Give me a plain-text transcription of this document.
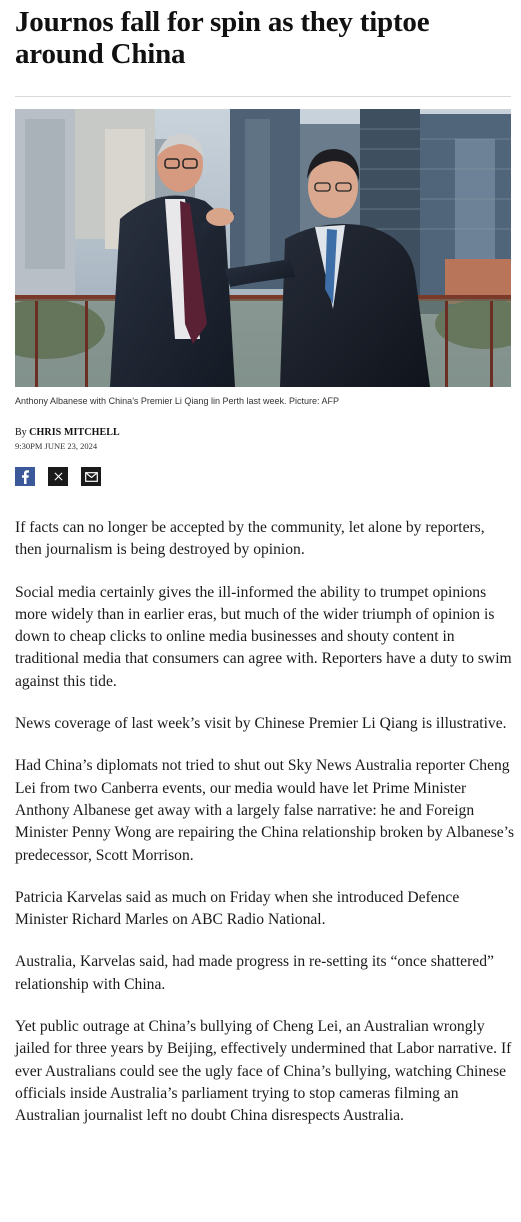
Journos fall for spin as they tiptoe around China

Anthony Albanese with China’s Premier Li Qiang lin Perth last week. Picture: AFP

By CHRIS MITCHELL
9:30PM JUNE 23, 2024

If facts can no longer be accepted by the community, let alone by reporters, then journalism is being destroyed by opinion.

Social media certainly gives the ill-informed the ability to trumpet opinions more widely than in earlier eras, but much of the wider triumph of opinion is down to cheap clicks to online media businesses and shouty content in traditional media that consumers can agree with. Reporters have a duty to swim against this tide.

News coverage of last week’s visit by Chinese Premier Li Qiang is illustrative.

Had China’s diplomats not tried to shut out Sky News Australia reporter Cheng Lei from two Canberra events, our media would have let Prime Minister Anthony Albanese get away with a largely false narrative: he and Foreign Minister Penny Wong are repairing the China relationship broken by Albanese’s predecessor, Scott Morrison.

Patricia Karvelas said as much on Friday when she introduced Defence Minister Richard Marles on ABC Radio National.

Australia, Karvelas said, had made progress in re-setting its “once shattered” relationship with China.

Yet public outrage at China’s bullying of Cheng Lei, an Australian wrongly jailed for three years by Beijing, effectively undermined that Labor narrative. If ever Australians could see the ugly face of China’s bullying, watching Chinese officials inside Australia’s parliament trying to stop cameras filming an Australian journalist left no doubt China disrespects Australia.
